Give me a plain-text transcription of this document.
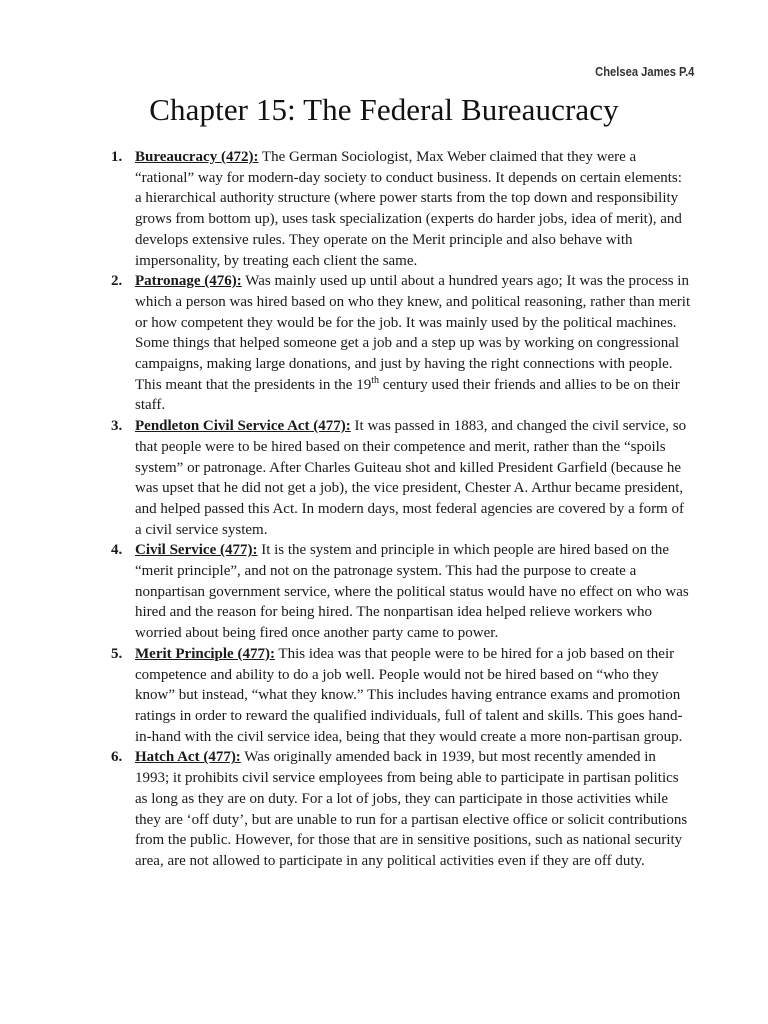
Chelsea James P.4
Chapter 15: The Federal Bureaucracy
1. Bureaucracy (472): The German Sociologist, Max Weber claimed that they were a “rational” way for modern-day society to conduct business. It depends on certain elements: a hierarchical authority structure (where power starts from the top down and responsibility grows from bottom up), uses task specialization (experts do harder jobs, idea of merit), and develops extensive rules. They operate on the Merit principle and also behave with impersonality, by treating each client the same.
2. Patronage (476): Was mainly used up until about a hundred years ago; It was the process in which a person was hired based on who they knew, and political reasoning, rather than merit or how competent they would be for the job. It was mainly used by the political machines. Some things that helped someone get a job and a step up was by working on congressional campaigns, making large donations, and just by having the right connections with people. This meant that the presidents in the 19th century used their friends and allies to be on their staff.
3. Pendleton Civil Service Act (477): It was passed in 1883, and changed the civil service, so that people were to be hired based on their competence and merit, rather than the “spoils system” or patronage. After Charles Guiteau shot and killed President Garfield (because he was upset that he did not get a job), the vice president, Chester A. Arthur became president, and helped passed this Act. In modern days, most federal agencies are covered by a form of a civil service system.
4. Civil Service (477): It is the system and principle in which people are hired based on the “merit principle”, and not on the patronage system. This had the purpose to create a nonpartisan government service, where the political status would have no effect on who was hired and the reason for being hired. The nonpartisan idea helped relieve workers who worried about being fired once another party came to power.
5. Merit Principle (477): This idea was that people were to be hired for a job based on their competence and ability to do a job well. People would not be hired based on “who they know” but instead, “what they know.” This includes having entrance exams and promotion ratings in order to reward the qualified individuals, full of talent and skills. This goes hand-in-hand with the civil service idea, being that they would create a more non-partisan group.
6. Hatch Act (477): Was originally amended back in 1939, but most recently amended in 1993; it prohibits civil service employees from being able to participate in partisan politics as long as they are on duty. For a lot of jobs, they can participate in those activities while they are ‘off duty’, but are unable to run for a partisan elective office or solicit contributions from the public. However, for those that are in sensitive positions, such as national security area, are not allowed to participate in any political activities even if they are off duty.
